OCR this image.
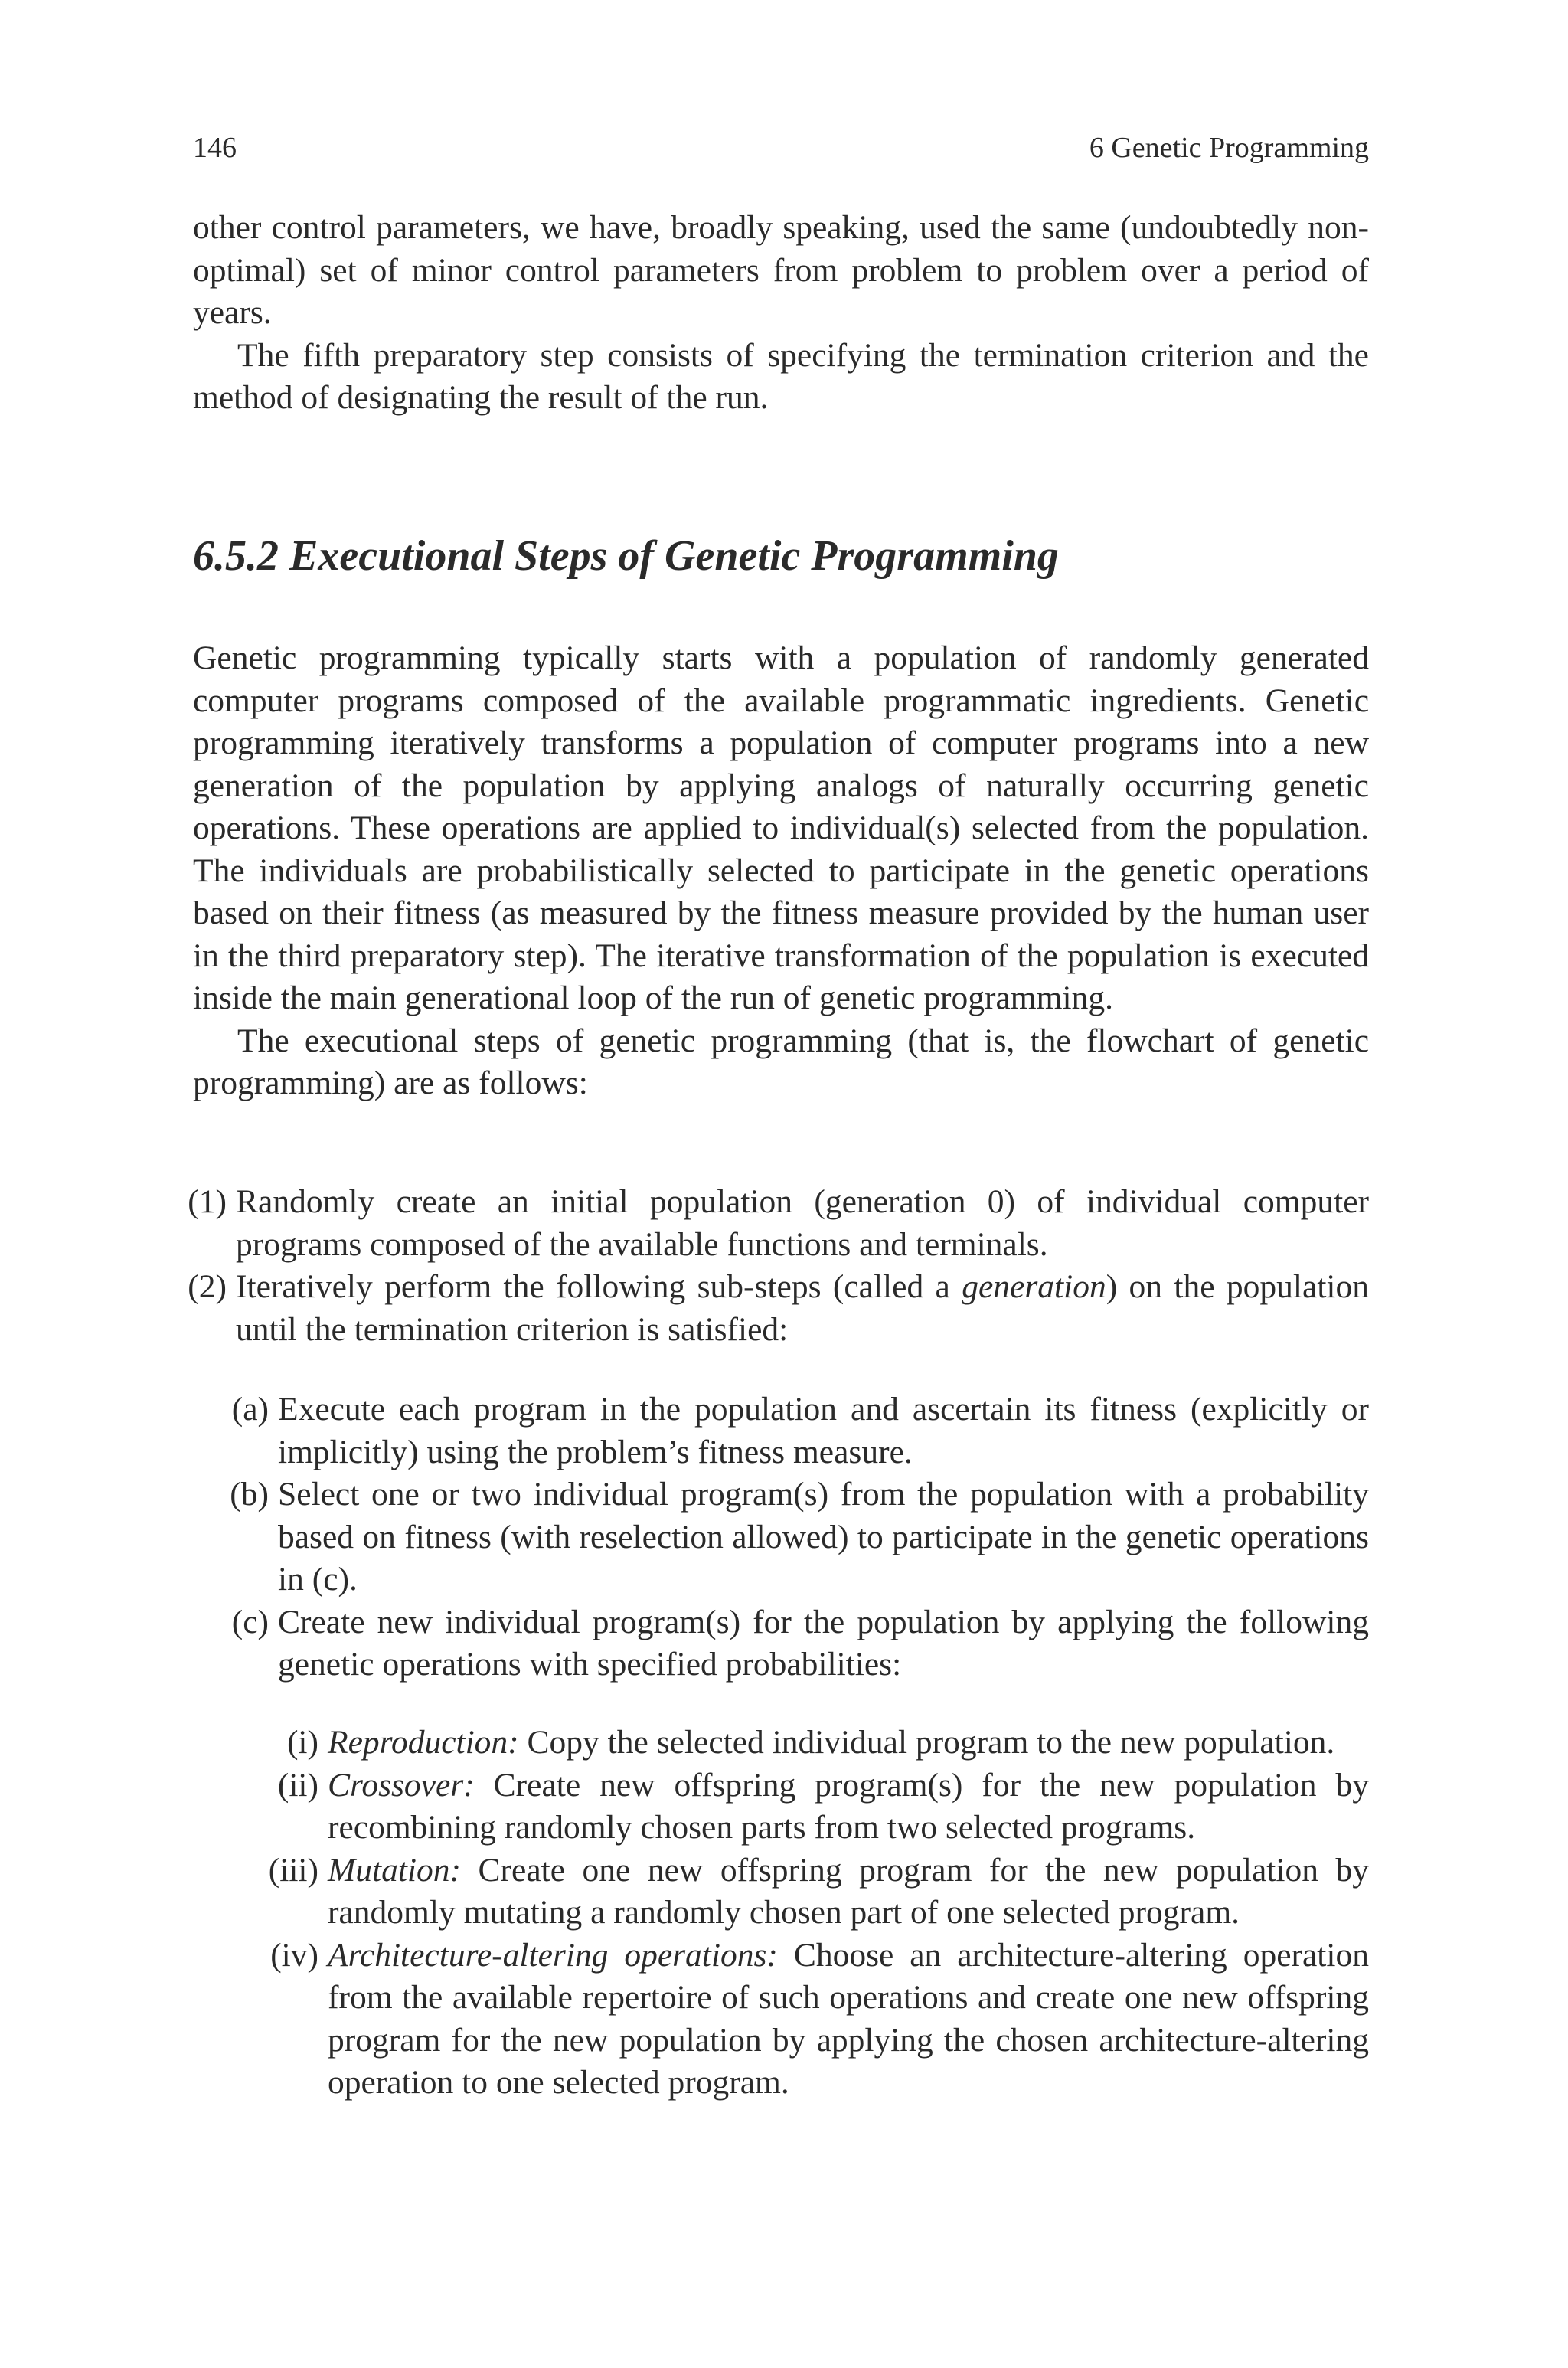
146	6 Genetic Programming

other control parameters, we have, broadly speaking, used the same (undoubtedly non-optimal) set of minor control parameters from problem to problem over a period of years.

The fifth preparatory step consists of specifying the termination criterion and the method of designating the result of the run.

6.5.2 Executional Steps of Genetic Programming

Genetic programming typically starts with a population of randomly generated computer programs composed of the available programmatic ingredients. Genetic programming iteratively transforms a population of computer programs into a new generation of the population by applying analogs of naturally occurring genetic operations. These operations are applied to individual(s) selected from the population. The individuals are probabilistically selected to participate in the genetic operations based on their fitness (as measured by the fitness measure provided by the human user in the third preparatory step). The iterative transformation of the population is executed inside the main generational loop of the run of genetic programming.

The executional steps of genetic programming (that is, the flowchart of genetic programming) are as follows:

(1) Randomly create an initial population (generation 0) of individual computer programs composed of the available functions and terminals.
(2) Iteratively perform the following sub-steps (called a generation) on the population until the termination criterion is satisfied:
(a) Execute each program in the population and ascertain its fitness (explicitly or implicitly) using the problem’s fitness measure.
(b) Select one or two individual program(s) from the population with a probability based on fitness (with reselection allowed) to participate in the genetic operations in (c).
(c) Create new individual program(s) for the population by applying the following genetic operations with specified probabilities:
(i) Reproduction: Copy the selected individual program to the new population.
(ii) Crossover: Create new offspring program(s) for the new population by recombining randomly chosen parts from two selected programs.
(iii) Mutation: Create one new offspring program for the new population by randomly mutating a randomly chosen part of one selected program.
(iv) Architecture-altering operations: Choose an architecture-altering operation from the available repertoire of such operations and create one new offspring program for the new population by applying the chosen architecture-altering operation to one selected program.
